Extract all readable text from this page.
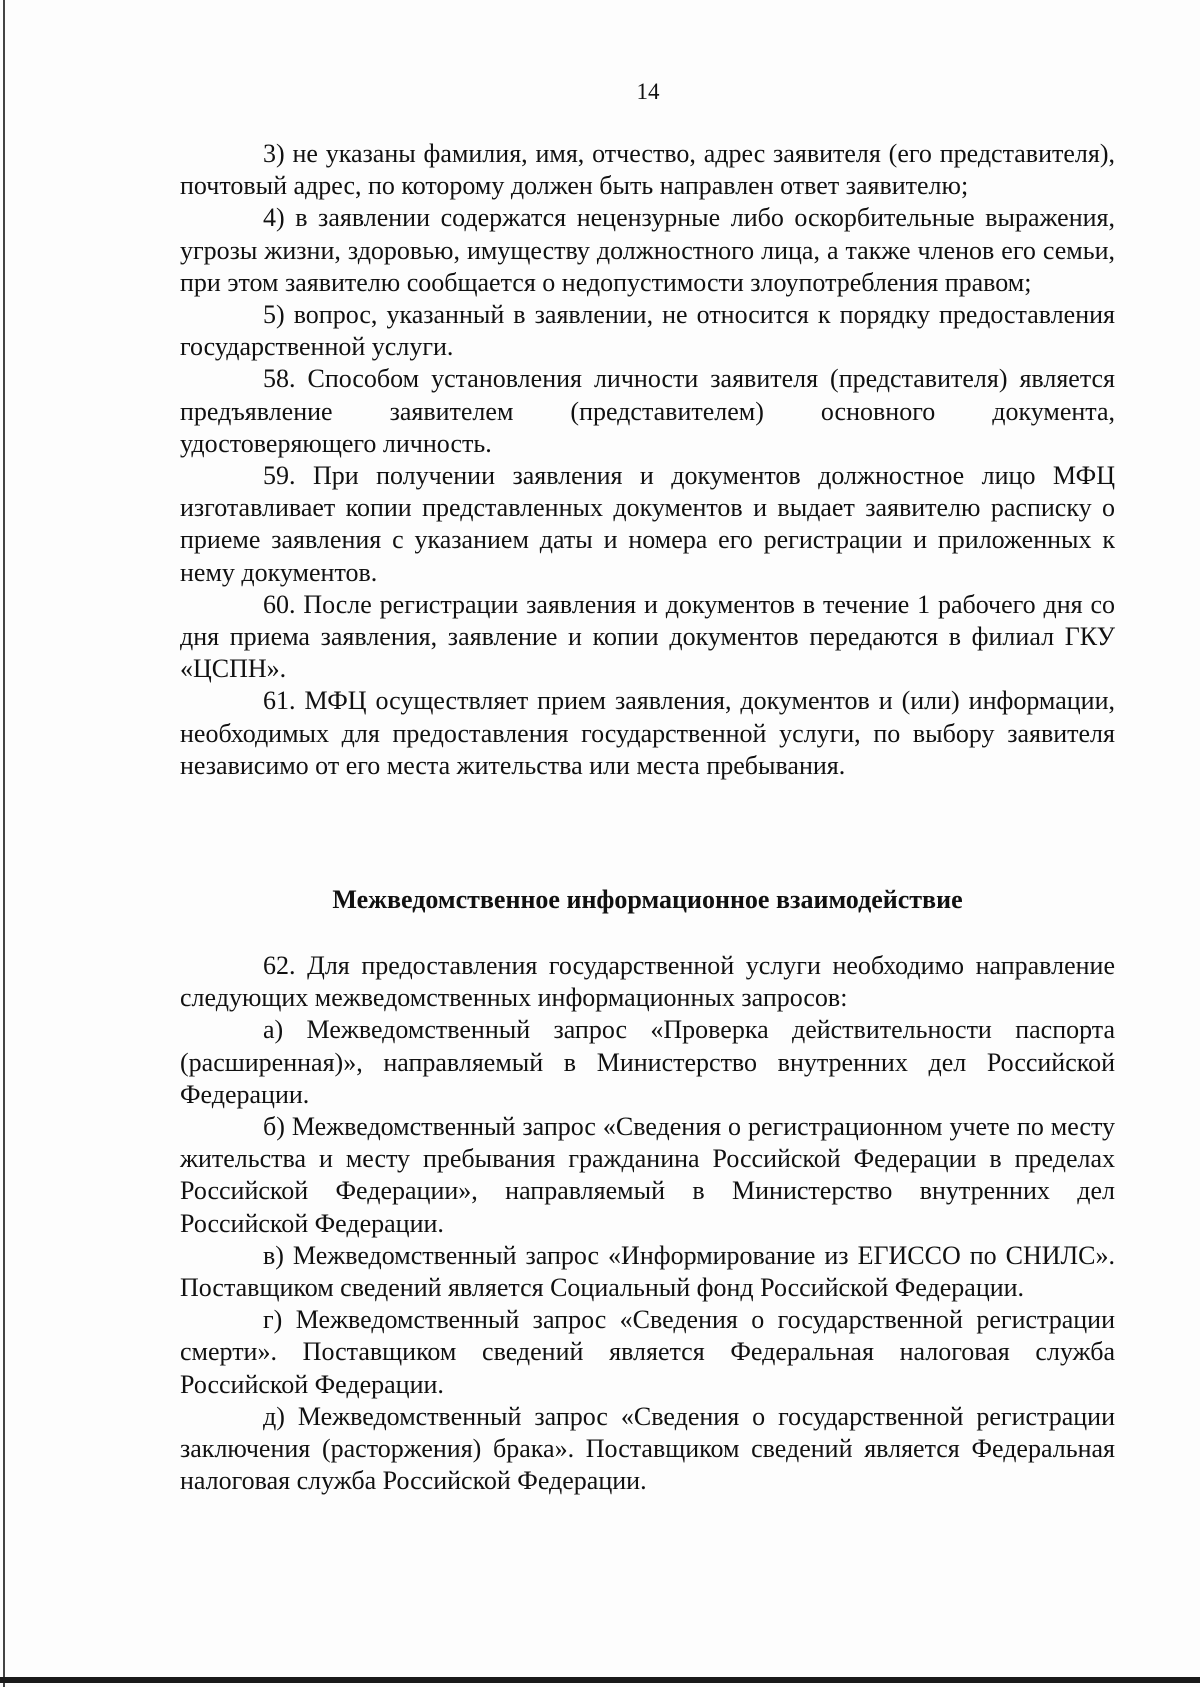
14

3) не указаны фамилия, имя, отчество, адрес заявителя (его представителя), почтовый адрес, по которому должен быть направлен ответ заявителю;

4) в заявлении содержатся нецензурные либо оскорбительные выражения, угрозы жизни, здоровью, имуществу должностного лица, а также членов его семьи, при этом заявителю сообщается о недопустимости злоупотребления правом;

5) вопрос, указанный в заявлении, не относится к порядку предоставления государственной услуги.

58. Способом установления личности заявителя (представителя) является предъявление заявителем (представителем) основного документа, удостоверяющего личность.

59. При получении заявления и документов должностное лицо МФЦ изготавливает копии представленных документов и выдает заявителю расписку о приеме заявления с указанием даты и номера его регистрации и приложенных к нему документов.

60. После регистрации заявления и документов в течение 1 рабочего дня со дня приема заявления, заявление и копии документов передаются в филиал ГКУ «ЦСПН».

61. МФЦ осуществляет прием заявления, документов и (или) информации, необходимых для предоставления государственной услуги, по выбору заявителя независимо от его места жительства или места пребывания.

Межведомственное информационное взаимодействие

62. Для предоставления государственной услуги необходимо направление следующих межведомственных информационных запросов:

а) Межведомственный запрос «Проверка действительности паспорта (расширенная)», направляемый в Министерство внутренних дел Российской Федерации.

б) Межведомственный запрос «Сведения о регистрационном учете по месту жительства и месту пребывания гражданина Российской Федерации в пределах Российской Федерации», направляемый в Министерство внутренних дел Российской Федерации.

в) Межведомственный запрос «Информирование из ЕГИССО по СНИЛС». Поставщиком сведений является Социальный фонд Российской Федерации.

г) Межведомственный запрос «Сведения о государственной регистрации смерти». Поставщиком сведений является Федеральная налоговая служба Российской Федерации.

д) Межведомственный запрос «Сведения о государственной регистрации заключения (расторжения) брака». Поставщиком сведений является Федеральная налоговая служба Российской Федерации.
